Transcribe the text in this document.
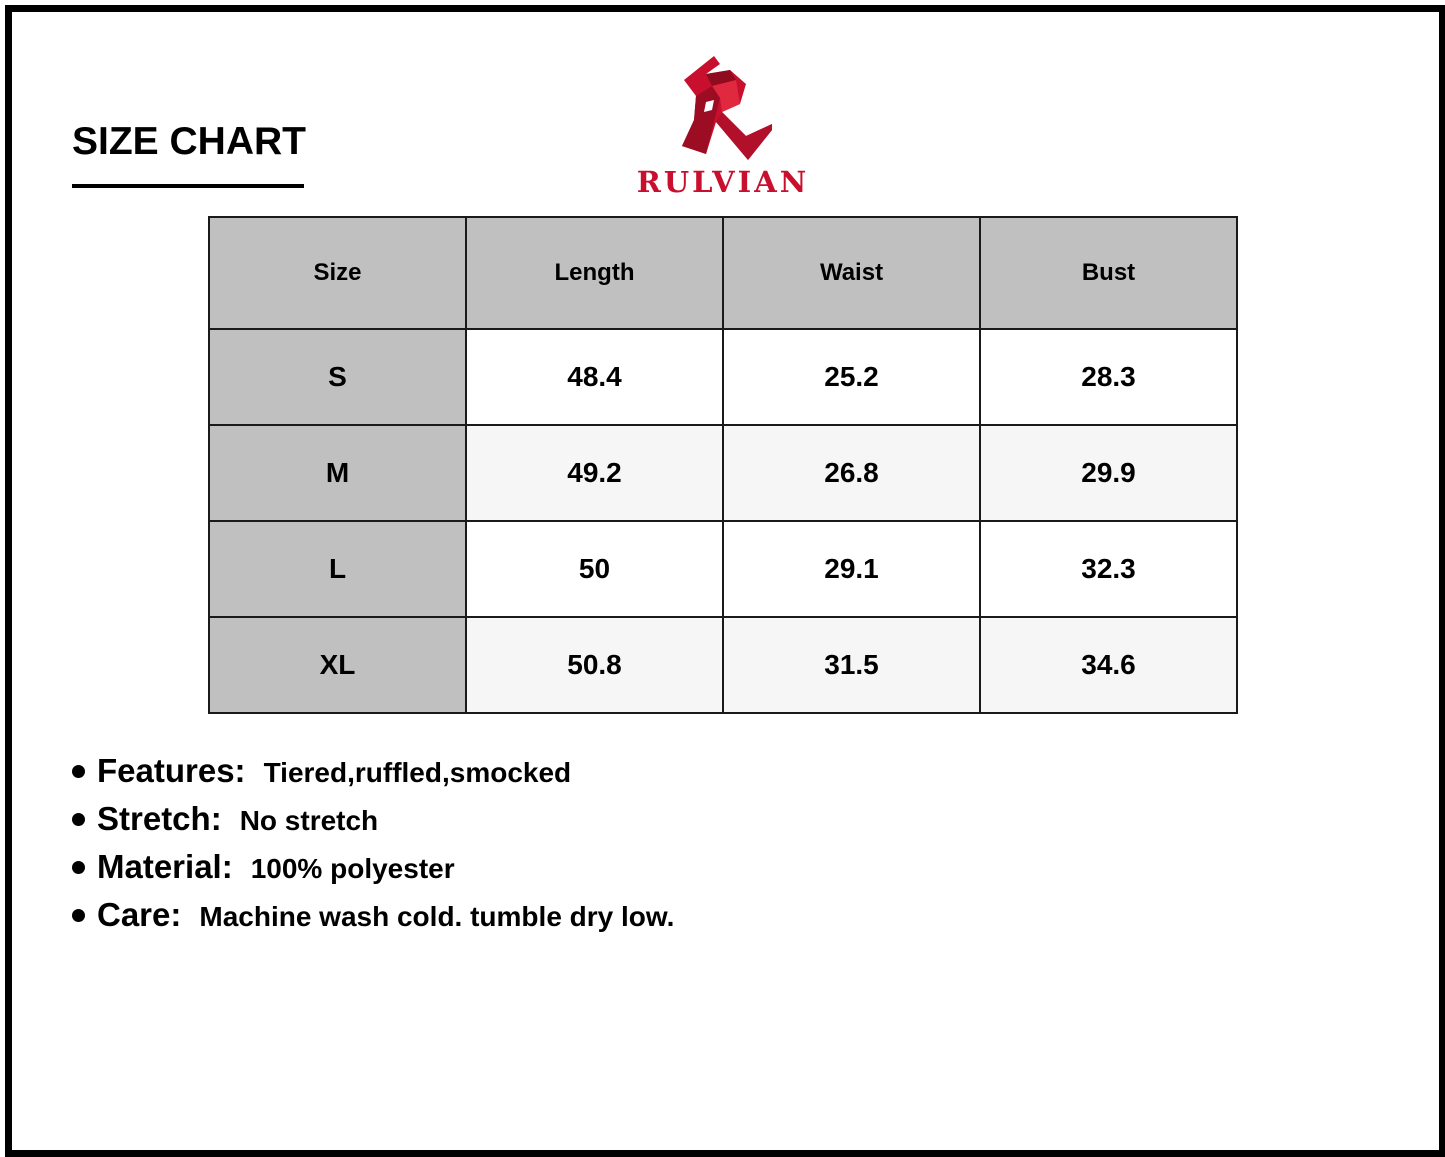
SIZE CHART
RULVIAN
Size	Length	Waist	Bust
S	48.4	25.2	28.3
M	49.2	26.8	29.9
L	50	29.1	32.3
XL	50.8	31.5	34.6
Features: Tiered,ruffled,smocked
Stretch: No stretch
Material: 100% polyester
Care: Machine wash cold. tumble dry low.
